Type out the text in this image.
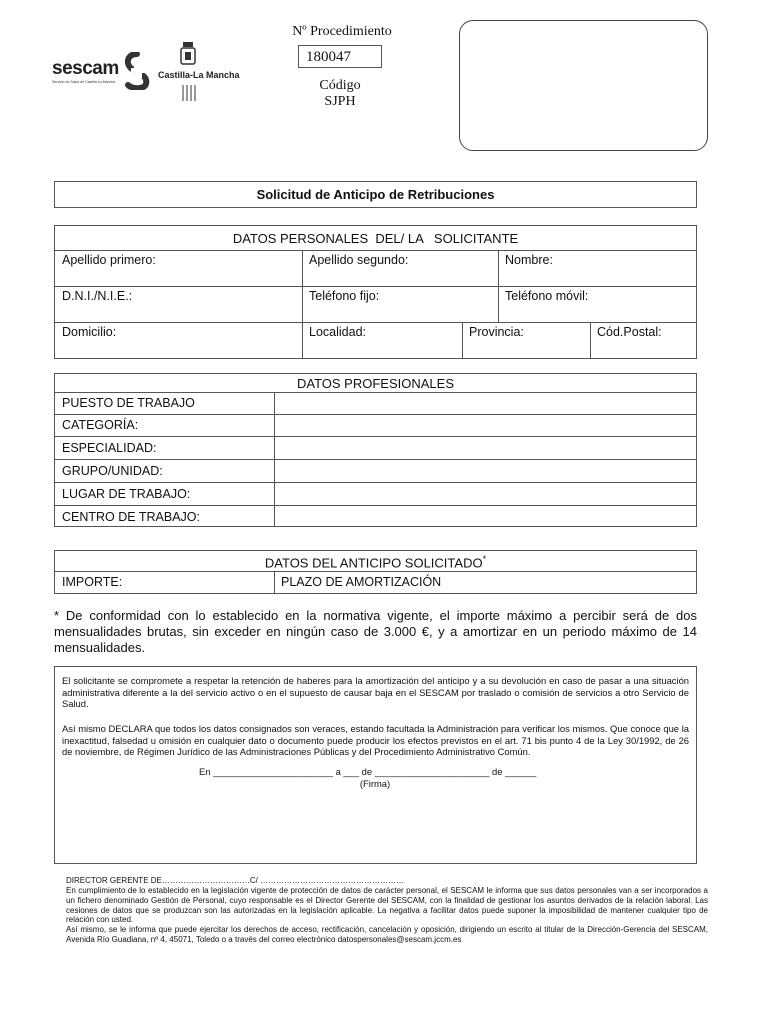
sescam
Servicio de Salud de Castilla-La Mancha
Castilla-La Mancha
Nº Procedimiento
180047
Código
SJPH
Solicitud de Anticipo de Retribuciones
DATOS PERSONALES  DEL/ LA   SOLICITANTE
Apellido primero:	Apellido segundo:	Nombre:
D.N.I./N.I.E.:	Teléfono fijo:	Teléfono móvil:
Domicilio:	Localidad:	Provincia:	Cód.Postal:
DATOS PROFESIONALES
PUESTO DE TRABAJO
CATEGORÍA:
ESPECIALIDAD:
GRUPO/UNIDAD:
LUGAR DE TRABAJO:
CENTRO DE TRABAJO:
DATOS DEL ANTICIPO SOLICITADO*
IMPORTE:	PLAZO DE AMORTIZACIÓN
* De conformidad con lo establecido en la normativa vigente, el importe máximo a percibir será de dos mensualidades brutas, sin exceder en ningún caso de 3.000 €, y a amortizar en un periodo máximo de 14 mensualidades.
El solicitante se compromete a respetar la retención de haberes para la amortización del anticipo y a su devolución en caso de pasar a una situación administrativa diferente a la del servicio activo o en el supuesto de causar baja en el SESCAM por traslado o comisión de servicios a otro Servicio de Salud.
Así mismo DECLARA que todos los datos consignados son veraces, estando facultada la Administración para verificar los mismos. Que conoce que la inexactitud, falsedad u omisión en cualquier dato o documento puede producir los efectos previstos en el art. 71 bis punto 4 de la Ley 30/1992, de 26 de noviembre, de Régimen Jurídico de las Administraciones Públicas y del Procedimiento Administrativo Común.
En _______________________ a ___ de ______________________ de ______
(Firma)
DIRECTOR GERENTE DE……………………………C/ ………………………………………………
En cumplimiento de lo establecido en la legislación vigente de protección de datos de carácter personal, el SESCAM le informa que sus datos personales van a ser incorporados a un fichero denominado Gestión de Personal, cuyo responsable es el Director Gerente del SESCAM, con la finalidad de gestionar los asuntos derivados de la relación laboral. Las cesiones de datos que se produzcan son las autorizadas en la legislación aplicable. La negativa a facilitar datos puede suponer la imposibilidad de mantener cualquier tipo de relación con usted.
Así mismo, se le informa que puede ejercitar los derechos de acceso, rectificación, cancelación y oposición, dirigiendo un escrito al titular de la Dirección-Gerencia del SESCAM, Avenida Río Guadiana, nº 4, 45071, Toledo o a través del correo electrónico datospersonales@sescam.jccm.es
